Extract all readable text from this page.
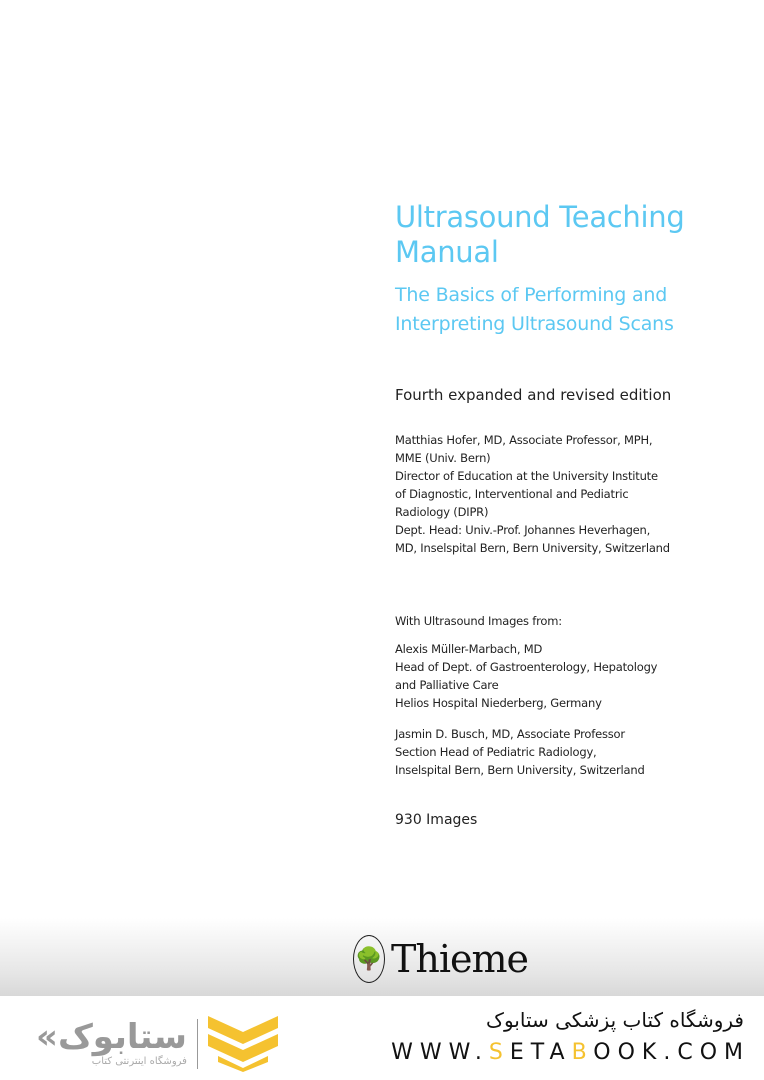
Ultrasound Teaching
Manual
The Basics of Performing and
Interpreting Ultrasound Scans
Fourth expanded and revised edition
Matthias Hofer, MD, Associate Professor, MPH,
MME (Univ. Bern)
Director of Education at the University Institute
of Diagnostic, Interventional and Pediatric
Radiology (DIPR)
Dept. Head: Univ.-Prof. Johannes Heverhagen,
MD, Inselspital Bern, Bern University, Switzerland
With Ultrasound Images from:
Alexis Müller-Marbach, MD
Head of Dept. of Gastroenterology, Hepatology
and Palliative Care
Helios Hospital Niederberg, Germany
Jasmin D. Busch, MD, Associate Professor
Section Head of Pediatric Radiology,
Inselspital Bern, Bern University, Switzerland
930 Images
🌳 Thieme
«ستابوک
فروشگاه اینترنتی کتاب
فروشگاه کتاب پزشکی ستابوک
WWW.SETABOOK.COM
